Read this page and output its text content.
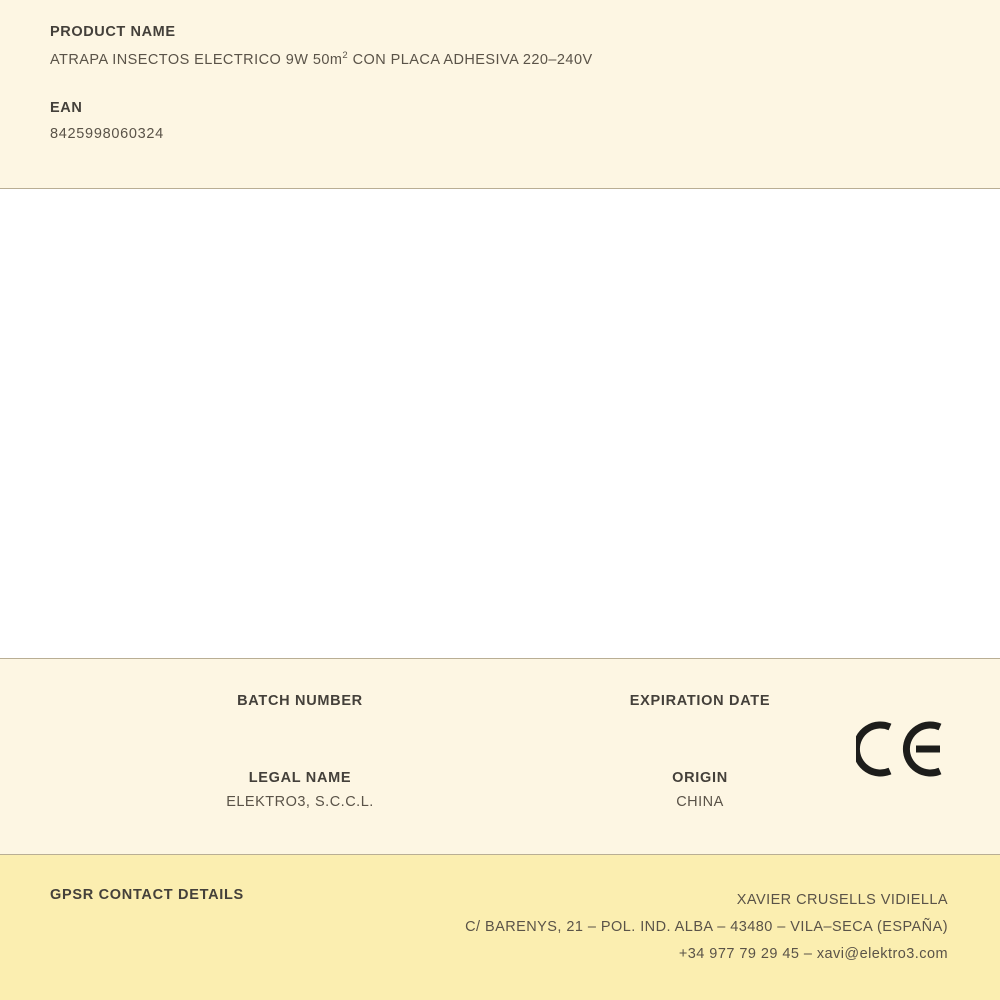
PRODUCT NAME
ATRAPA INSECTOS ELECTRICO 9W $50m^2$ CON PLACA ADHESIVA 220–240V
EAN
8425998060324
BATCH NUMBER	EXPIRATION DATE
LEGAL NAME
ELEKTRO3, S.C.C.L.
ORIGIN
CHINA
GPSR CONTACT DETAILS	XAVIER CRUSELLS VIDIELLA
C/ BARENYS, 21 – POL. IND. ALBA – 43480 – VILA–SECA (ESPAÑA)
+34 977 79 29 45 – xavi@elektro3.com
